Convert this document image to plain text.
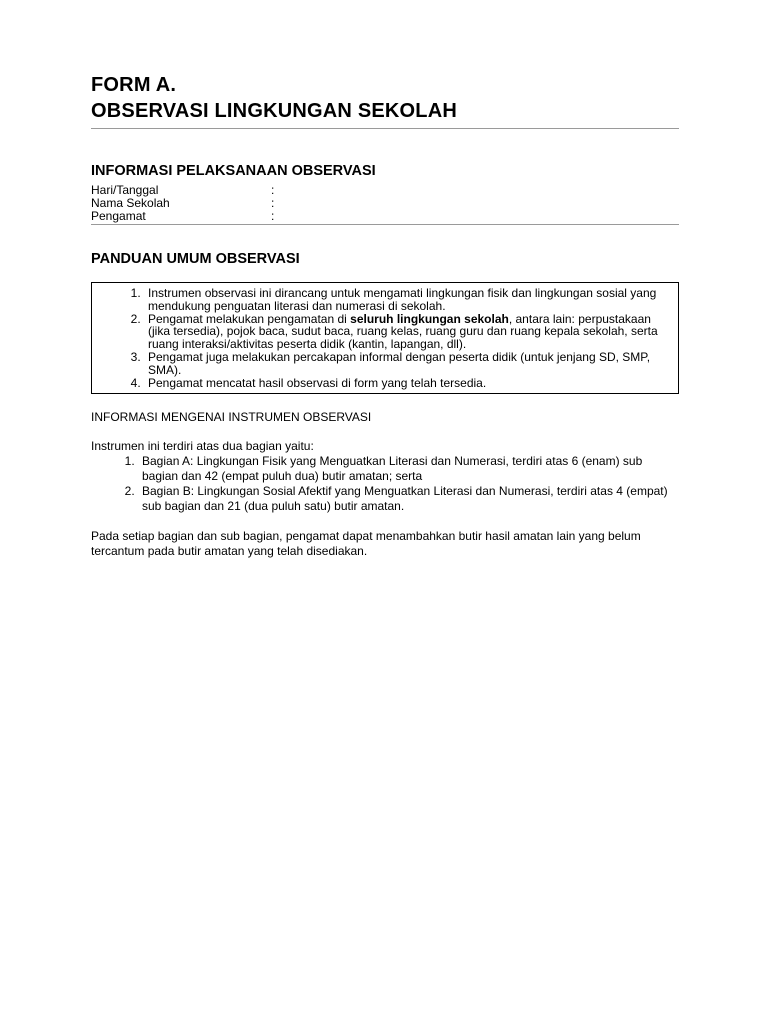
FORM A.
OBSERVASI LINGKUNGAN SEKOLAH
INFORMASI PELAKSANAAN OBSERVASI
Hari/Tanggal	:
Nama Sekolah	:
Pengamat	:
PANDUAN UMUM OBSERVASI
1. Instrumen observasi ini dirancang untuk mengamati lingkungan fisik dan lingkungan sosial yang mendukung penguatan literasi dan numerasi di sekolah.
2. Pengamat melakukan pengamatan di seluruh lingkungan sekolah, antara lain: perpustakaan (jika tersedia), pojok baca, sudut baca, ruang kelas, ruang guru dan ruang kepala sekolah, serta ruang interaksi/aktivitas peserta didik (kantin, lapangan, dll).
3. Pengamat juga melakukan percakapan informal dengan peserta didik (untuk jenjang SD, SMP, SMA).
4. Pengamat mencatat hasil observasi di form yang telah tersedia.

INFORMASI MENGENAI INSTRUMEN OBSERVASI

Instrumen ini terdiri atas dua bagian yaitu:

1. Bagian A: Lingkungan Fisik yang Menguatkan Literasi dan Numerasi, terdiri atas 6 (enam) sub bagian dan 42 (empat puluh dua) butir amatan; serta
2. Bagian B: Lingkungan Sosial Afektif yang Menguatkan Literasi dan Numerasi, terdiri atas 4 (empat) sub bagian dan 21 (dua puluh satu) butir amatan.

Pada setiap bagian dan sub bagian, pengamat dapat menambahkan butir hasil amatan lain yang belum tercantum pada butir amatan yang telah disediakan.
